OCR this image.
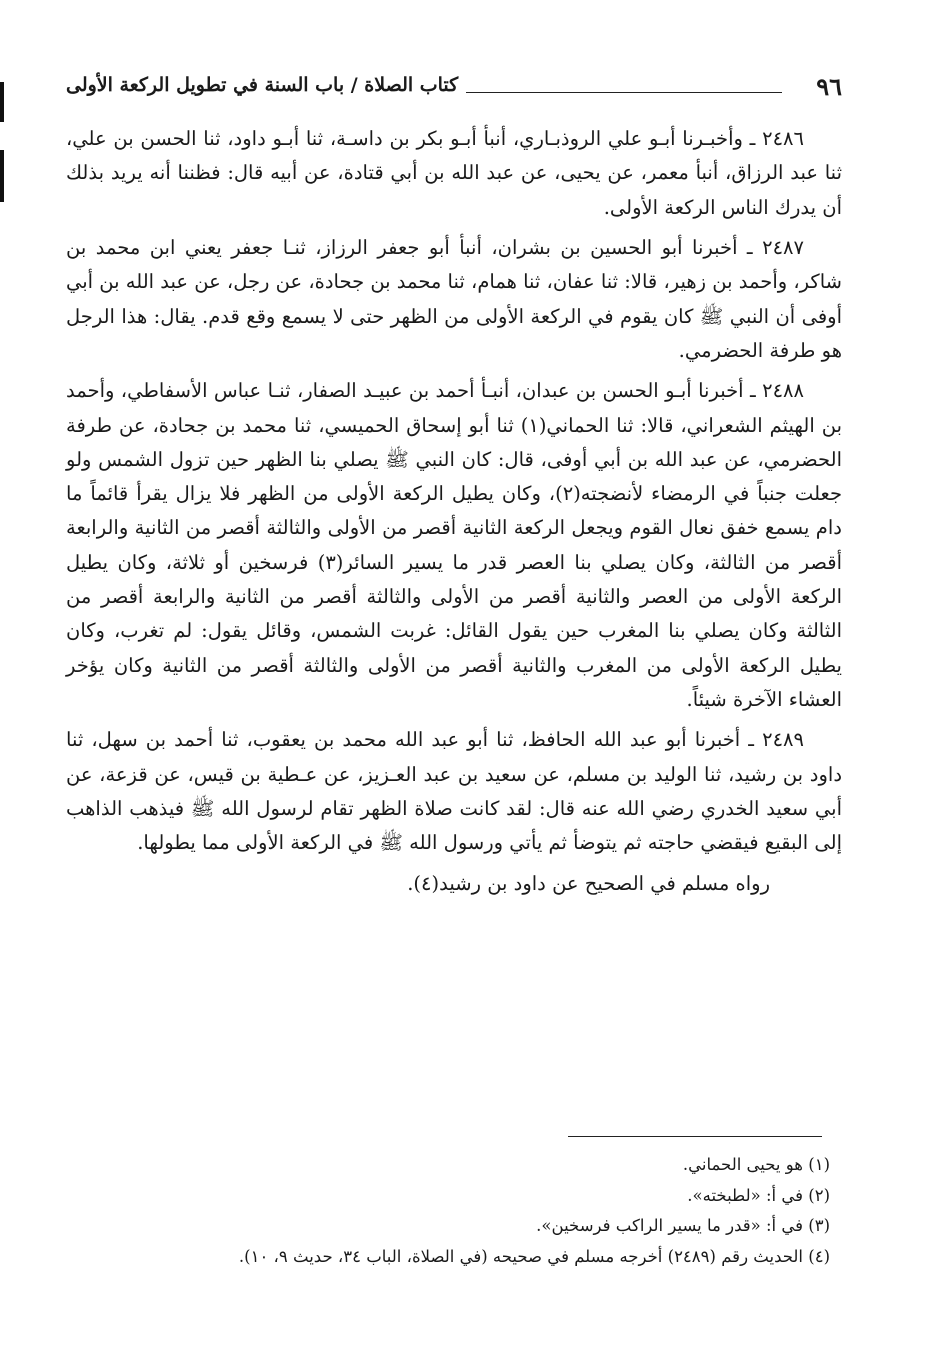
٩٦
كتاب الصلاة / باب السنة في تطويل الركعة الأولى

٢٤٨٦ ـ وأخبـرنا أبـو علي الروذبـاري، أنبأ أبـو بكر بن داسـة، ثنا أبـو داود، ثنا الحسن بن علي، ثنا عبد الرزاق، أنبأ معمر، عن يحيى، عن عبد الله بن أبي قتادة، عن أبيه قال: فظننا أنه يريد بذلك أن يدرك الناس الركعة الأولى.

٢٤٨٧ ـ أخبرنا أبو الحسين بن بشران، أنبأ أبو جعفر الرزاز، ثنـا جعفر يعني ابن محمد بن شاكر، وأحمد بن زهير، قالا: ثنا عفان، ثنا همام، ثنا محمد بن جحادة، عن رجل، عن عبد الله بن أبي أوفى أن النبي ﷺ كان يقوم في الركعة الأولى من الظهر حتى لا يسمع وقع قدم. يقال: هذا الرجل هو طرفة الحضرمي.

٢٤٨٨ ـ أخبرنا أبـو الحسن بن عبدان، أنبـأ أحمد بن عبيـد الصفار، ثنـا عباس الأسفاطي، وأحمد بن الهيثم الشعراني، قالا: ثنا الحماني(١) ثنا أبو إسحاق الحميسي، ثنا محمد بن جحادة، عن طرفة الحضرمي، عن عبد الله بن أبي أوفى، قال: كان النبي ﷺ يصلي بنا الظهر حين تزول الشمس ولو جعلت جنباً في الرمضاء لأنضجته(٢)، وكان يطيل الركعة الأولى من الظهر فلا يزال يقرأ قائماً ما دام يسمع خفق نعال القوم ويجعل الركعة الثانية أقصر من الأولى والثالثة أقصر من الثانية والرابعة أقصر من الثالثة، وكان يصلي بنا العصر قدر ما يسير السائر(٣) فرسخين أو ثلاثة، وكان يطيل الركعة الأولى من العصر والثانية أقصر من الأولى والثالثة أقصر من الثانية والرابعة أقصر من الثالثة وكان يصلي بنا المغرب حين يقول القائل: غربت الشمس، وقائل يقول: لم تغرب، وكان يطيل الركعة الأولى من المغرب والثانية أقصر من الأولى والثالثة أقصر من الثانية وكان يؤخر العشاء الآخرة شيئاً.

٢٤٨٩ ـ أخبرنا أبو عبد الله الحافظ، ثنا أبو عبد الله محمد بن يعقوب، ثنا أحمد بن سهل، ثنا داود بن رشيد، ثنا الوليد بن مسلم، عن سعيد بن عبد العـزيز، عن عـطية بن قيس، عن قزعة، عن أبي سعيد الخدري رضي الله عنه قال: لقد كانت صلاة الظهر تقام لرسول الله ﷺ فيذهب الذاهب إلى البقيع فيقضي حاجته ثم يتوضأ ثم يأتي ورسول الله ﷺ في الركعة الأولى مما يطولها.

رواه مسلم في الصحيح عن داود بن رشيد(٤).

(١) هو يحيى الحماني.

(٢) في أ: «لطبخته».

(٣) في أ: «قدر ما يسير الراكب فرسخين».

(٤) الحديث رقم (٢٤٨٩) أخرجه مسلم في صحيحه (في الصلاة، الباب ٣٤، حديث ٩، ١٠).
